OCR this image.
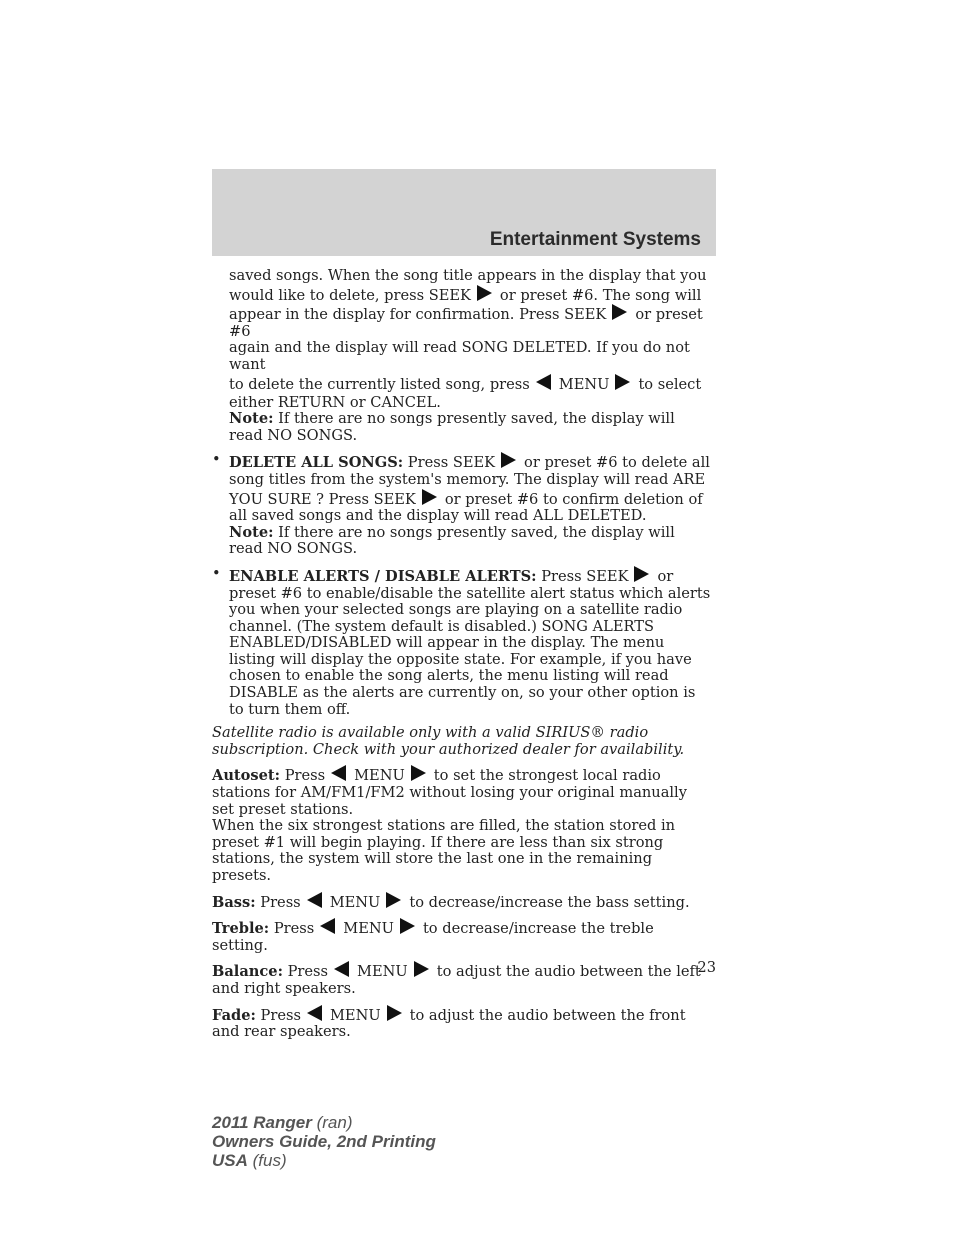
Entertainment Systems

saved songs. When the song title appears in the display that you

would like to delete, press SEEK or preset #6. The song will

appear in the display for confirmation. Press SEEK or preset #6

again and the display will read SONG DELETED. If you do not want

to delete the currently listed song, press MENU to select

either RETURN or CANCEL.

Note: If there are no songs presently saved, the display will read NO SONGS.

• DELETE ALL SONGS: Press SEEK or preset #6 to delete all song titles from the system's memory. The display will read ARE YOU SURE ? Press SEEK or preset #6 to confirm deletion of all saved songs and the display will read ALL DELETED.

Note: If there are no songs presently saved, the display will read NO SONGS.

• ENABLE ALERTS / DISABLE ALERTS: Press SEEK or preset #6 to enable/disable the satellite alert status which alerts you when your selected songs are playing on a satellite radio channel. (The system default is disabled.) SONG ALERTS ENABLED/DISABLED will appear in the display. The menu listing will display the opposite state. For example, if you have chosen to enable the song alerts, the menu listing will read DISABLE as the alerts are currently on, so your other option is to turn them off.

Satellite radio is available only with a valid SIRIUS® radio subscription. Check with your authorized dealer for availability.

Autoset: Press MENU to set the strongest local radio stations for AM/FM1/FM2 without losing your original manually set preset stations.

When the six strongest stations are filled, the station stored in preset #1 will begin playing. If there are less than six strong stations, the system will store the last one in the remaining presets.

Bass: Press MENU to decrease/increase the bass setting.

Treble: Press MENU to decrease/increase the treble setting.

Balance: Press MENU to adjust the audio between the left and right speakers.

Fade: Press MENU to adjust the audio between the front and rear speakers.

23

2011 Ranger (ran)
Owners Guide, 2nd Printing
USA (fus)
